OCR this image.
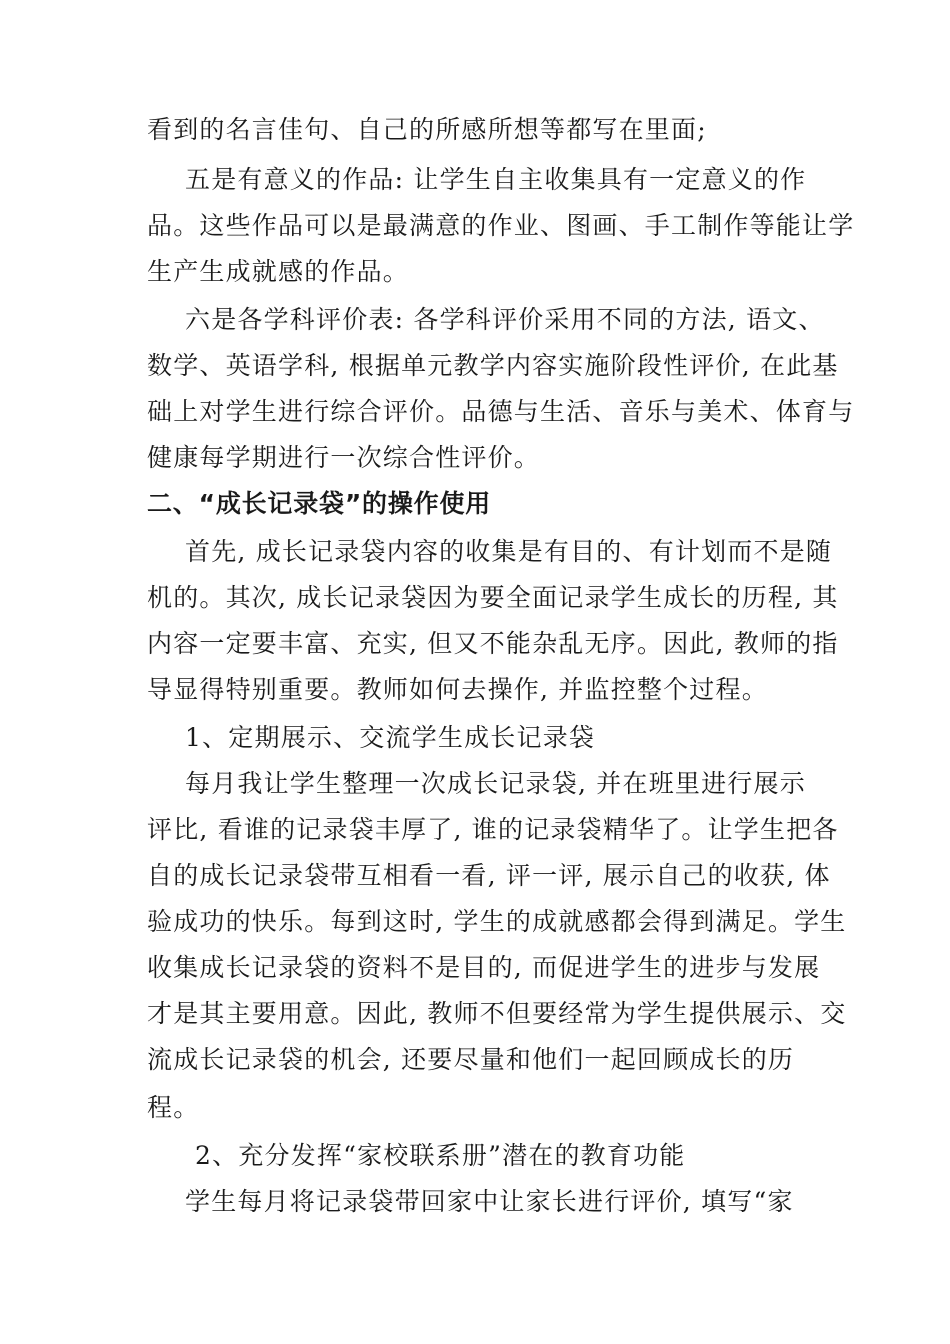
看到的名言佳句、自己的所感所想等都写在里面;
五是有意义的作品: 让学生自主收集具有一定意义的作
品。这些作品可以是最满意的作业、图画、手工制作等能让学
生产生成就感的作品。
六是各学科评价表: 各学科评价采用不同的方法, 语文、
数学、英语学科, 根据单元教学内容实施阶段性评价, 在此基
础上对学生进行综合评价。品德与生活、音乐与美术、体育与
健康每学期进行一次综合性评价。
二、“成长记录袋”的操作使用
首先, 成长记录袋内容的收集是有目的、有计划而不是随
机的。其次, 成长记录袋因为要全面记录学生成长的历程, 其
内容一定要丰富、充实, 但又不能杂乱无序。因此, 教师的指
导显得特别重要。教师如何去操作, 并监控整个过程。
1、定期展示、交流学生成长记录袋
每月我让学生整理一次成长记录袋, 并在班里进行展示
评比, 看谁的记录袋丰厚了, 谁的记录袋精华了。让学生把各
自的成长记录袋带互相看一看, 评一评, 展示自己的收获, 体
验成功的快乐。每到这时, 学生的成就感都会得到满足。学生
收集成长记录袋的资料不是目的, 而促进学生的进步与发展
才是其主要用意。因此, 教师不但要经常为学生提供展示、交
流成长记录袋的机会, 还要尽量和他们一起回顾成长的历
程。
2、充分发挥“家校联系册”潜在的教育功能
学生每月将记录袋带回家中让家长进行评价, 填写“家
